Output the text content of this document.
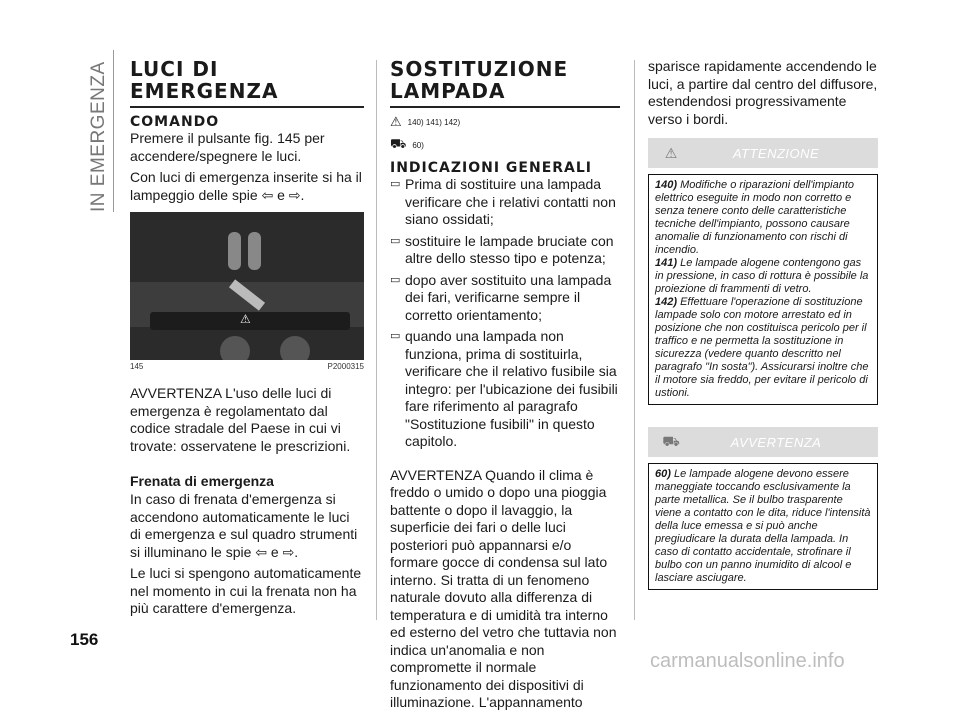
IN EMERGENZA LUCI DI EMERGENZA
COMANDO

Premere il pulsante fig. 145 per accendere/spegnere le luci.

Con luci di emergenza inserite si ha il lampeggio delle spie ⇦ e ⇨.

⚠
145	P2000315

AVVERTENZA L'uso delle luci di emergenza è regolamentato dal codice stradale del Paese in cui vi trovate: osservatene le prescrizioni.

Frenata di emergenza

In caso di frenata d'emergenza si accendono automaticamente le luci di emergenza e sul quadro strumenti si illuminano le spie ⇦ e ⇨.

Le luci si spengono automaticamente nel momento in cui la frenata non ha più carattere d'emergenza.

SOSTITUZIONE LAMPADA
⚠ 140) 141) 142)
⛟ 60)
INDICAZIONI GENERALI
▭ Prima di sostituire una lampada verificare che i relativi contatti non siano ossidati;

▭ sostituire le lampade bruciate con altre dello stesso tipo e potenza;

▭ dopo aver sostituito una lampada dei fari, verificarne sempre il corretto orientamento;

▭ quando una lampada non funziona, prima di sostituirla, verificare che il relativo fusibile sia integro: per l'ubicazione dei fusibili fare riferimento al paragrafo "Sostituzione fusibili" in questo capitolo.

AVVERTENZA Quando il clima è freddo o umido o dopo una pioggia battente o dopo il lavaggio, la superficie dei fari o delle luci posteriori può appannarsi e/o formare gocce di condensa sul lato interno. Si tratta di un fenomeno naturale dovuto alla differenza di temperatura e di umidità tra interno ed esterno del vetro che tuttavia non indica un'anomalia e non compromette il normale funzionamento dei dispositivi di illuminazione. L'appannamento

sparisce rapidamente accendendo le luci, a partire dal centro del diffusore, estendendosi progressivamente verso i bordi.

⚠	ATTENZIONE

140) Modifiche o riparazioni dell'impianto elettrico eseguite in modo non corretto e senza tenere conto delle caratteristiche tecniche dell'impianto, possono causare anomalie di funzionamento con rischi di incendio.

141) Le lampade alogene contengono gas in pressione, in caso di rottura è possibile la proiezione di frammenti di vetro.

142) Effettuare l'operazione di sostituzione lampade solo con motore arrestato ed in posizione che non costituisca pericolo per il traffico e ne permetta la sostituzione in sicurezza (vedere quanto descritto nel paragrafo "In sosta"). Assicurarsi inoltre che il motore sia freddo, per evitare il pericolo di ustioni.

⛟	AVVERTENZA

60) Le lampade alogene devono essere maneggiate toccando esclusivamente la parte metallica. Se il bulbo trasparente viene a contatto con le dita, riduce l'intensità della luce emessa e si può anche pregiudicare la durata della lampada. In caso di contatto accidentale, strofinare il bulbo con un panno inumidito di alcool e lasciare asciugare.

156
carmanualsonline.info
